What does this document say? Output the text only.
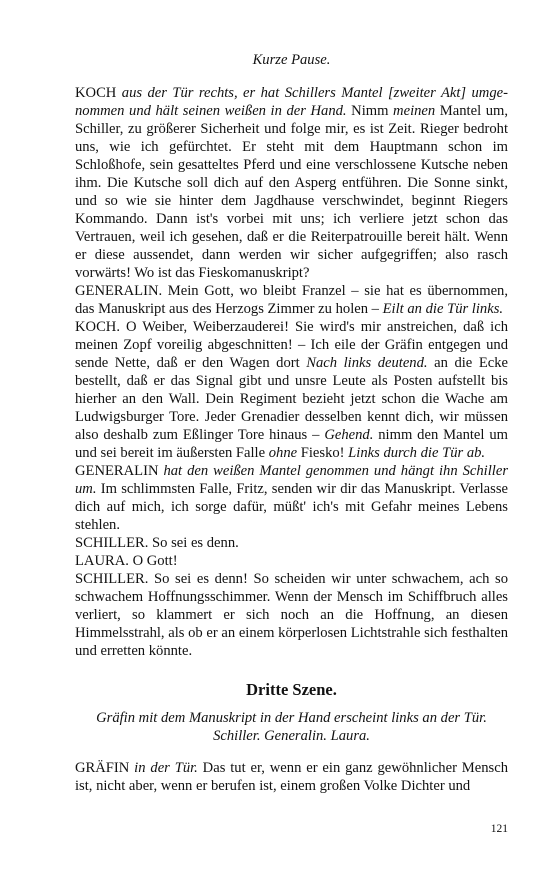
Kurze Pause.

KOCH aus der Tür rechts, er hat Schillers Mantel [zweiter Akt] umgenommen und hält seinen weißen in der Hand. Nimm meinen Mantel um, Schiller, zu größerer Sicherheit und folge mir, es ist Zeit. Rieger bedroht uns, wie ich gefürchtet. Er steht mit dem Hauptmann schon im Schloßhofe, sein gesatteltes Pferd und eine verschlossene Kutsche neben ihm. Die Kutsche soll dich auf den Asperg entführen. Die Sonne sinkt, und so wie sie hinter dem Jagdhause verschwindet, beginnt Riegers Kommando. Dann ist's vorbei mit uns; ich verliere jetzt schon das Vertrauen, weil ich gesehen, daß er die Reiterpatrouille bereit hält. Wenn er diese aussendet, dann werden wir sicher aufgegriffen; also rasch vorwärts! Wo ist das Fieskomanuskript?

GENERALIN. Mein Gott, wo bleibt Franzel – sie hat es übernommen, das Manuskript aus des Herzogs Zimmer zu holen – Eilt an die Tür links.

KOCH. O Weiber, Weiberzauderei! Sie wird's mir anstreichen, daß ich meinen Zopf voreilig abgeschnitten! – Ich eile der Gräfin entgegen und sende Nette, daß er den Wagen dort Nach links deutend. an die Ecke bestellt, daß er das Signal gibt und unsre Leute als Posten aufstellt bis hierher an den Wall. Dein Regiment bezieht jetzt schon die Wache am Ludwigsburger Tore. Jeder Grenadier desselben kennt dich, wir müssen also deshalb zum Eßlinger Tore hinaus – Gehend. nimm den Mantel um und sei bereit im äußersten Falle ohne Fiesko! Links durch die Tür ab.

GENERALIN hat den weißen Mantel genommen und hängt ihn Schiller um. Im schlimmsten Falle, Fritz, senden wir dir das Manuskript. Verlasse dich auf mich, ich sorge dafür, müßt' ich's mit Gefahr meines Lebens stehlen.

SCHILLER. So sei es denn.

LAURA. O Gott!

SCHILLER. So sei es denn! So scheiden wir unter schwachem, ach so schwachem Hoffnungsschimmer. Wenn der Mensch im Schiffbruch alles verliert, so klammert er sich noch an die Hoffnung, an diesen Himmelsstrahl, als ob er an einem körperlosen Lichtstrahle sich festhalten und erretten könnte.

Dritte Szene.
Gräfin mit dem Manuskript in der Hand erscheint links an der Tür.
Schiller. Generalin. Laura.

GRÄFIN in der Tür. Das tut er, wenn er ein ganz gewöhnlicher Mensch ist, nicht aber, wenn er berufen ist, einem großen Volke Dichter und

121
